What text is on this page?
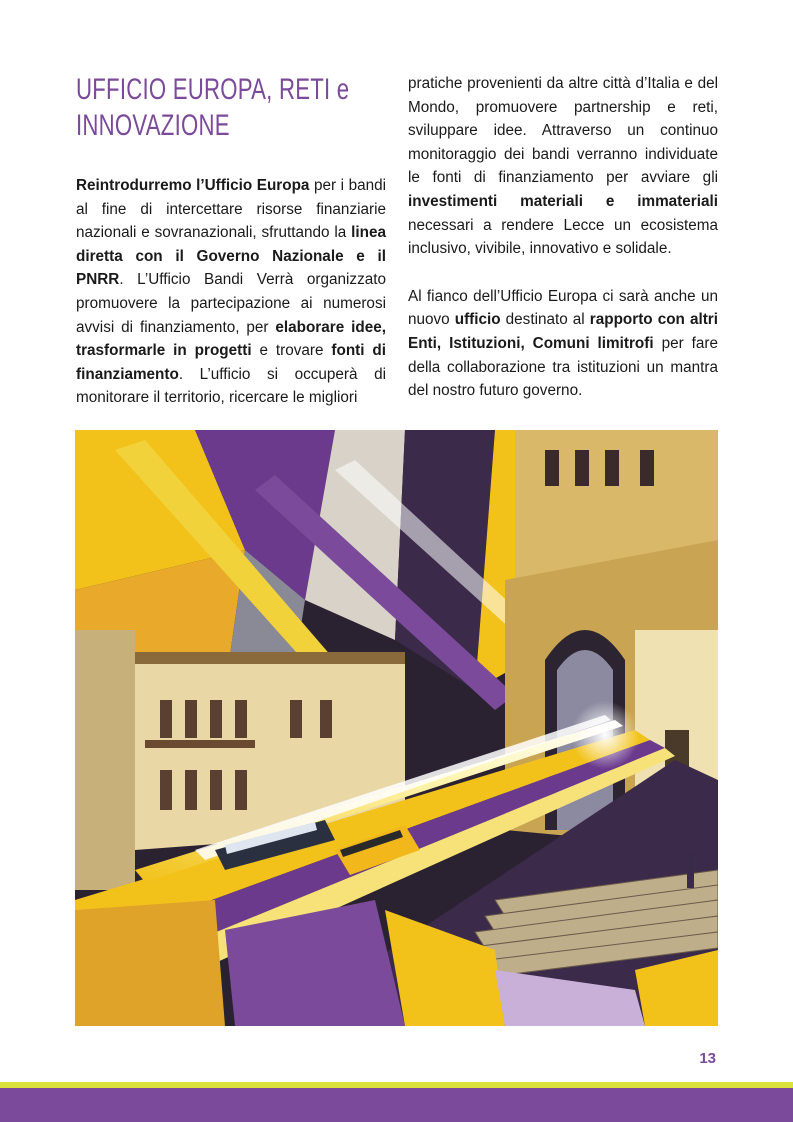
UFFICIO EUROPA, RETI e
INNOVAZIONE

Reintrodurremo l’Ufficio Europa per i bandi al fine di intercettare risorse finanziarie nazionali e sovranazionali, sfruttando la linea diretta con il Governo Nazionale e il PNRR. L’Ufficio Bandi Verrà organizzato promuovere la partecipazione ai numerosi avvisi di finanziamento, per elaborare idee, trasformarle in progetti e trovare fonti di finanziamento. L’ufficio si occuperà di monitorare il territorio, ricercare le migliori

pratiche provenienti da altre città d’Italia e del Mondo, promuovere partnership e reti, sviluppare idee. Attraverso un continuo monitoraggio dei bandi verranno individuate le fonti di finanziamento per avviare gli investimenti materiali e immateriali necessari a rendere Lecce un ecosistema inclusivo, vivibile, innovativo e solidale.

Al fianco dell’Ufficio Europa ci sarà anche un nuovo ufficio destinato al rapporto con altri Enti, Istituzioni, Comuni limitrofi per fare della collaborazione tra istituzioni un mantra del nostro futuro governo.

13
